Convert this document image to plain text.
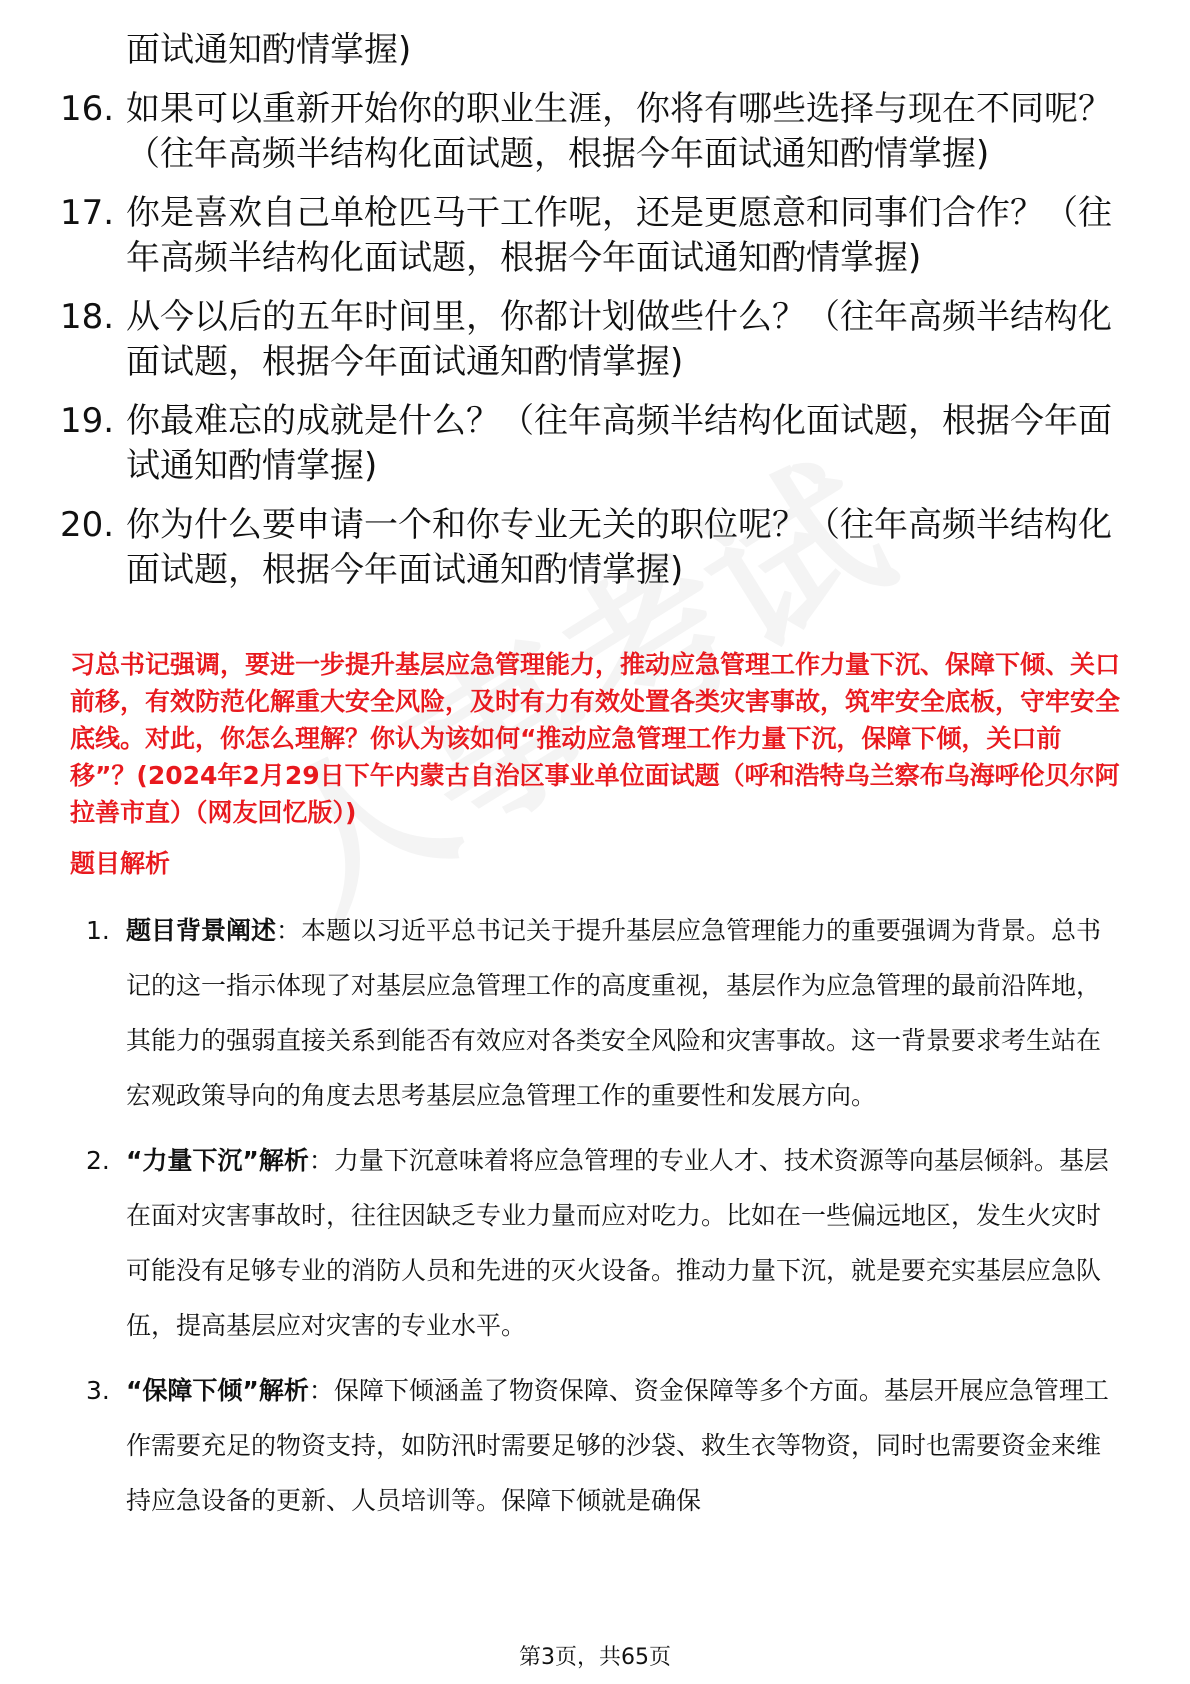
面试通知酌情掌握)
16. 如果可以重新开始你的职业生涯，你将有哪些选择与现在不同呢？（往年高频半结构化面试题，根据今年面试通知酌情掌握)
17. 你是喜欢自己单枪匹马干工作呢，还是更愿意和同事们合作？（往年高频半结构化面试题，根据今年面试通知酌情掌握)
18. 从今以后的五年时间里，你都计划做些什么？（往年高频半结构化面试题，根据今年面试通知酌情掌握)
19. 你最难忘的成就是什么？（往年高频半结构化面试题，根据今年面试通知酌情掌握)
20. 你为什么要申请一个和你专业无关的职位呢？（往年高频半结构化面试题，根据今年面试通知酌情掌握)
习总书记强调，要进一步提升基层应急管理能力，推动应急管理工作力量下沉、保障下倾、关口前移，有效防范化解重大安全风险，及时有力有效处置各类灾害事故，筑牢安全底板，守牢安全底线。对此，你怎么理解？你认为该如何“推动应急管理工作力量下沉，保障下倾，关口前移”？(2024年2月29日下午内蒙古自治区事业单位面试题（呼和浩特乌兰察布乌海呼伦贝尔阿拉善市直）（网友回忆版）)
题目解析
1. 题目背景阐述：本题以习近平总书记关于提升基层应急管理能力的重要强调为背景。总书记的这一指示体现了对基层应急管理工作的高度重视，基层作为应急管理的最前沿阵地，其能力的强弱直接关系到能否有效应对各类安全风险和灾害事故。这一背景要求考生站在宏观政策导向的角度去思考基层应急管理工作的重要性和发展方向。
2. “力量下沉”解析：力量下沉意味着将应急管理的专业人才、技术资源等向基层倾斜。基层在面对灾害事故时，往往因缺乏专业力量而应对吃力。比如在一些偏远地区，发生火灾时可能没有足够专业的消防人员和先进的灭火设备。推动力量下沉，就是要充实基层应急队伍，提高基层应对灾害的专业水平。
3. “保障下倾”解析：保障下倾涵盖了物资保障、资金保障等多个方面。基层开展应急管理工作需要充足的物资支持，如防汛时需要足够的沙袋、救生衣等物资，同时也需要资金来维持应急设备的更新、人员培训等。保障下倾就是确保
第3页，共65页
